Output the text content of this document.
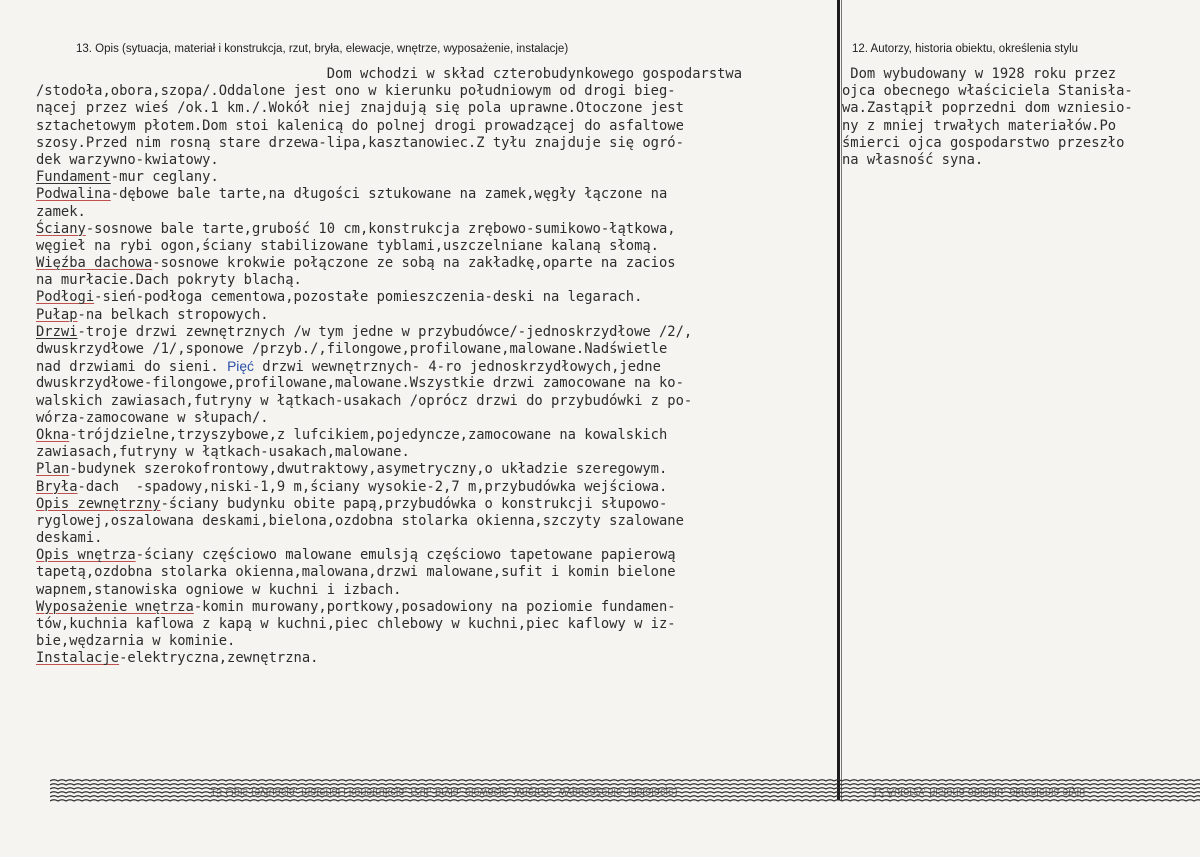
13. Opis (sytuacja, materiał i konstrukcja, rzut, bryła, elewacje, wnętrze, wyposażenie, instalacje)	12. Autorzy, historia obiektu, określenia stylu
Dom wchodzi w skład czterobudynkowego gospodarstwa
/stodoła,obora,szopa/.Oddalone jest ono w kierunku południowym od drogi bieg-
nącej przez wieś /ok.1 km./.Wokół niej znajdują się pola uprawne.Otoczone jest
sztachetowym płotem.Dom stoi kalenicą do polnej drogi prowadzącej do asfaltowe
szosy.Przed nim rosną stare drzewa-lipa,kasztanowiec.Z tyłu znajduje się ogró-
dek warzywno-kwiatowy.
Fundament-mur ceglany.
Podwalina-dębowe bale tarte,na długości sztukowane na zamek,węgły łączone na
zamek.
Ściany-sosnowe bale tarte,grubość 10 cm,konstrukcja zrębowo-sumikowo-łątkowa,
węgieł na rybi ogon,ściany stabilizowane tyblami,uszczelniane kalaną słomą.
Więźba dachowa-sosnowe krokwie połączone ze sobą na zakładkę,oparte na zacios
na murłacie.Dach pokryty blachą.
Podłogi-sień-podłoga cementowa,pozostałe pomieszczenia-deski na legarach.
Pułap-na belkach stropowych.
Drzwi-troje drzwi zewnętrznych /w tym jedne w przybudówce/-jednoskrzydłowe /2/,
dwuskrzydłowe /1/,sponowe /przyb./,filongowe,profilowane,malowane.Nadświetle
nad drzwiami do sieni. Pięć drzwi wewnętrznych- 4-ro jednoskrzydłowych,jedne
dwuskrzydłowe-filongowe,profilowane,malowane.Wszystkie drzwi zamocowane na ko-
walskich zawiasach,futryny w łątkach-usakach /oprócz drzwi do przybudówki z po-
wórza-zamocowane w słupach/.
Okna-trójdzielne,trzyszybowe,z lufcikiem,pojedyncze,zamocowane na kowalskich
zawiasach,futryny w łątkach-usakach,malowane.
Plan-budynek szerokofrontowy,dwutraktowy,asymetryczny,o układzie szeregowym.
Bryła-dach  -spadowy,niski-1,9 m,ściany wysokie-2,7 m,przybudówka wejściowa.
Opis zewnętrzny-ściany budynku obite papą,przybudówka o konstrukcji słupowo-
ryglowej,oszalowana deskami,bielona,ozdobna stolarka okienna,szczyty szalowane
deskami.
Opis wnętrza-ściany częściowo malowane emulsją częściowo tapetowane papierową
tapetą,ozdobna stolarka okienna,malowana,drzwi malowane,sufit i komin bielone
wapnem,stanowiska ogniowe w kuchni i izbach.
Wyposażenie wnętrza-komin murowany,portkowy,posadowiony na poziomie fundamen-
tów,kuchnia kaflowa z kapą w kuchni,piec chlebowy w kuchni,piec kaflowy w iz-
bie,wędzarnia w kominie.
Instalacje-elektryczna,zewnętrzna.
Dom wybudowany w 1928 roku przez
ojca obecnego właściciela Stanisła-
wa.Zastąpił poprzedni dom wzniesio-
ny z mniej trwałych materiałów.Po
śmierci ojca gospodarstwo przeszło
na własność syna.
13 Opis (sytuacja, materiał i konstrukcja, rzut, bryła, elewacje, wnętrze, wyposażenie, instalacje)	12 Autorzy, historia obiektu, określenia stylu
